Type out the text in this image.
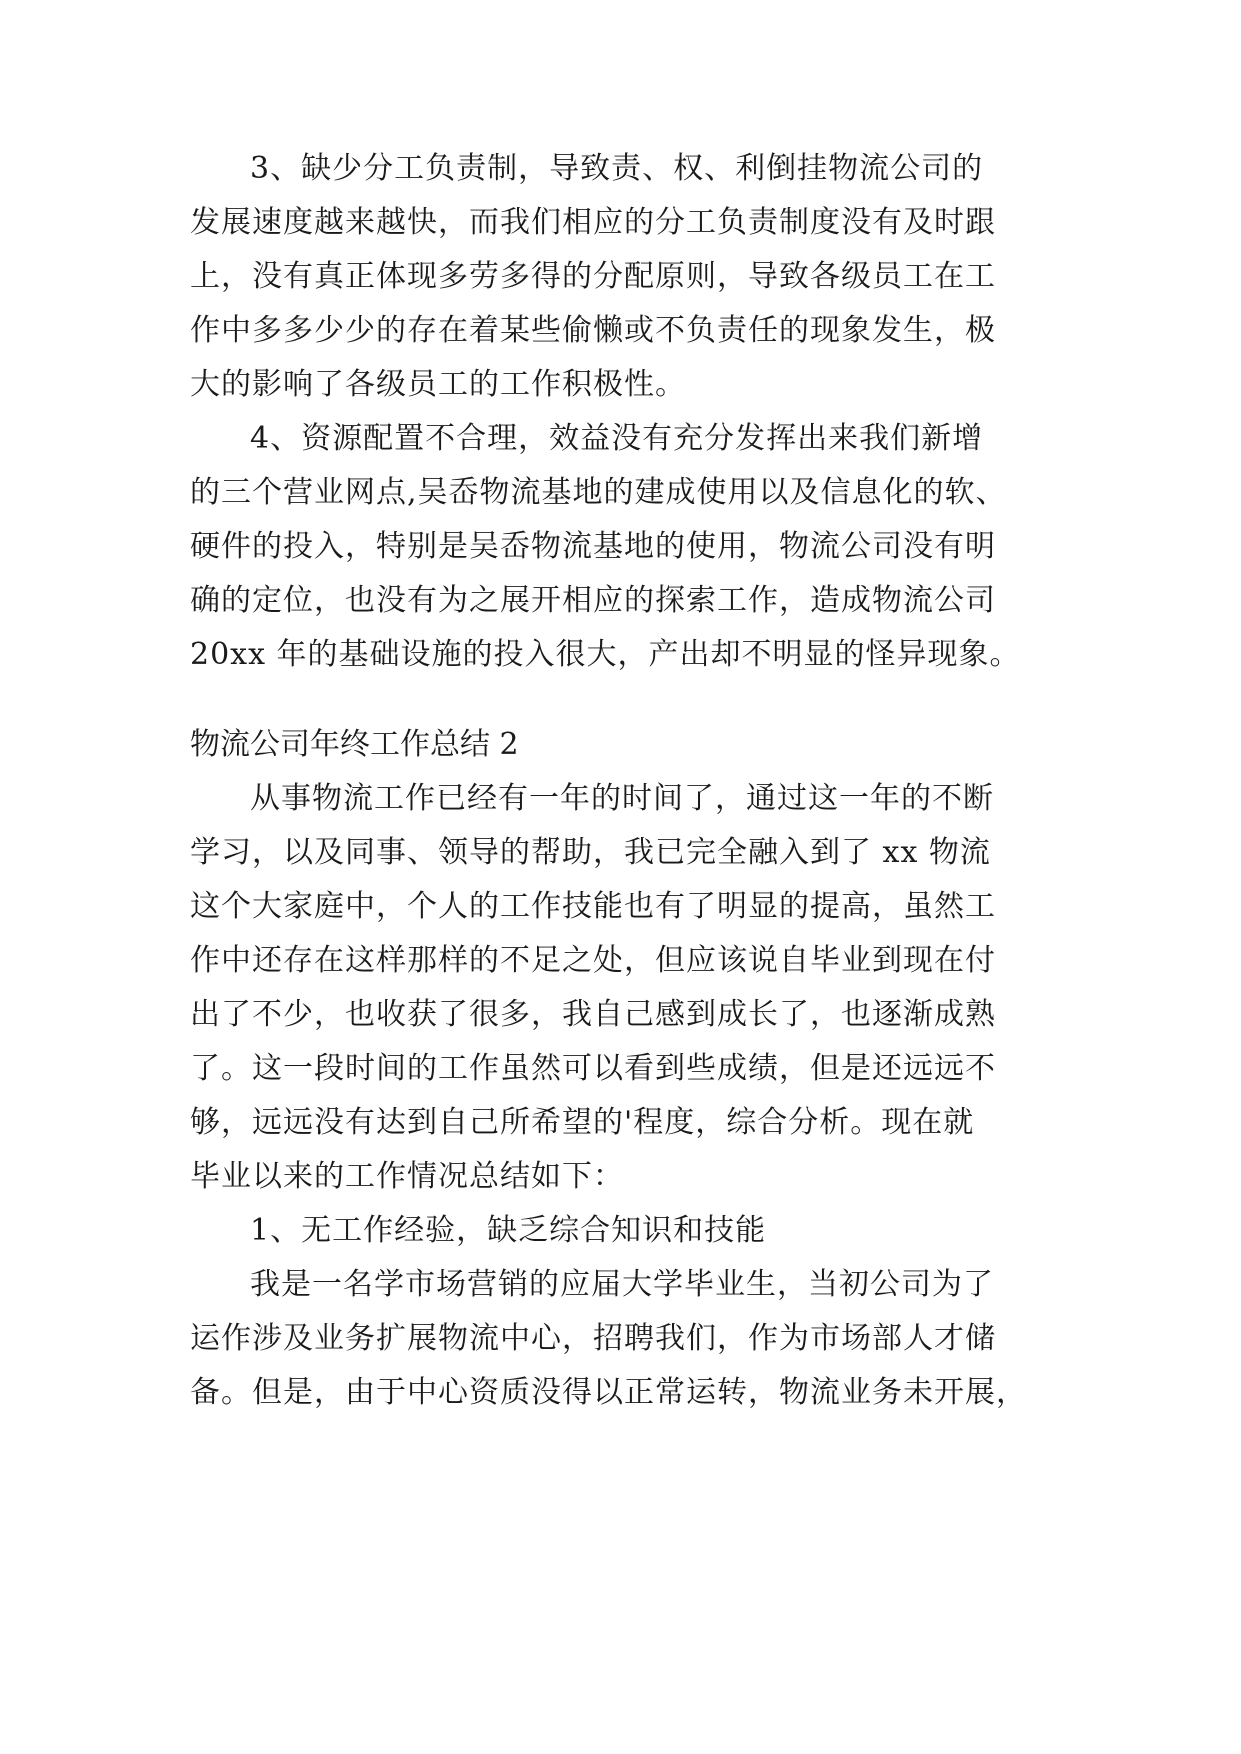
3、缺少分工负责制，导致责、权、利倒挂物流公司的
发展速度越来越快，而我们相应的分工负责制度没有及时跟
上，没有真正体现多劳多得的分配原则，导致各级员工在工
作中多多少少的存在着某些偷懒或不负责任的现象发生，极
大的影响了各级员工的工作积极性。
4、资源配置不合理，效益没有充分发挥出来我们新增
的三个营业网点,吴岙物流基地的建成使用以及信息化的软、
硬件的投入，特别是吴岙物流基地的使用，物流公司没有明
确的定位，也没有为之展开相应的探索工作，造成物流公司
20xx 年的基础设施的投入很大，产出却不明显的怪异现象。
物流公司年终工作总结 2
从事物流工作已经有一年的时间了，通过这一年的不断
学习，以及同事、领导的帮助，我已完全融入到了 xx 物流
这个大家庭中，个人的工作技能也有了明显的提高，虽然工
作中还存在这样那样的不足之处，但应该说自毕业到现在付
出了不少，也收获了很多，我自己感到成长了，也逐渐成熟
了。这一段时间的工作虽然可以看到些成绩，但是还远远不
够，远远没有达到自己所希望的'程度，综合分析。现在就
毕业以来的工作情况总结如下：
1、无工作经验，缺乏综合知识和技能
我是一名学市场营销的应届大学毕业生，当初公司为了
运作涉及业务扩展物流中心，招聘我们，作为市场部人才储
备。但是，由于中心资质没得以正常运转，物流业务未开展，
